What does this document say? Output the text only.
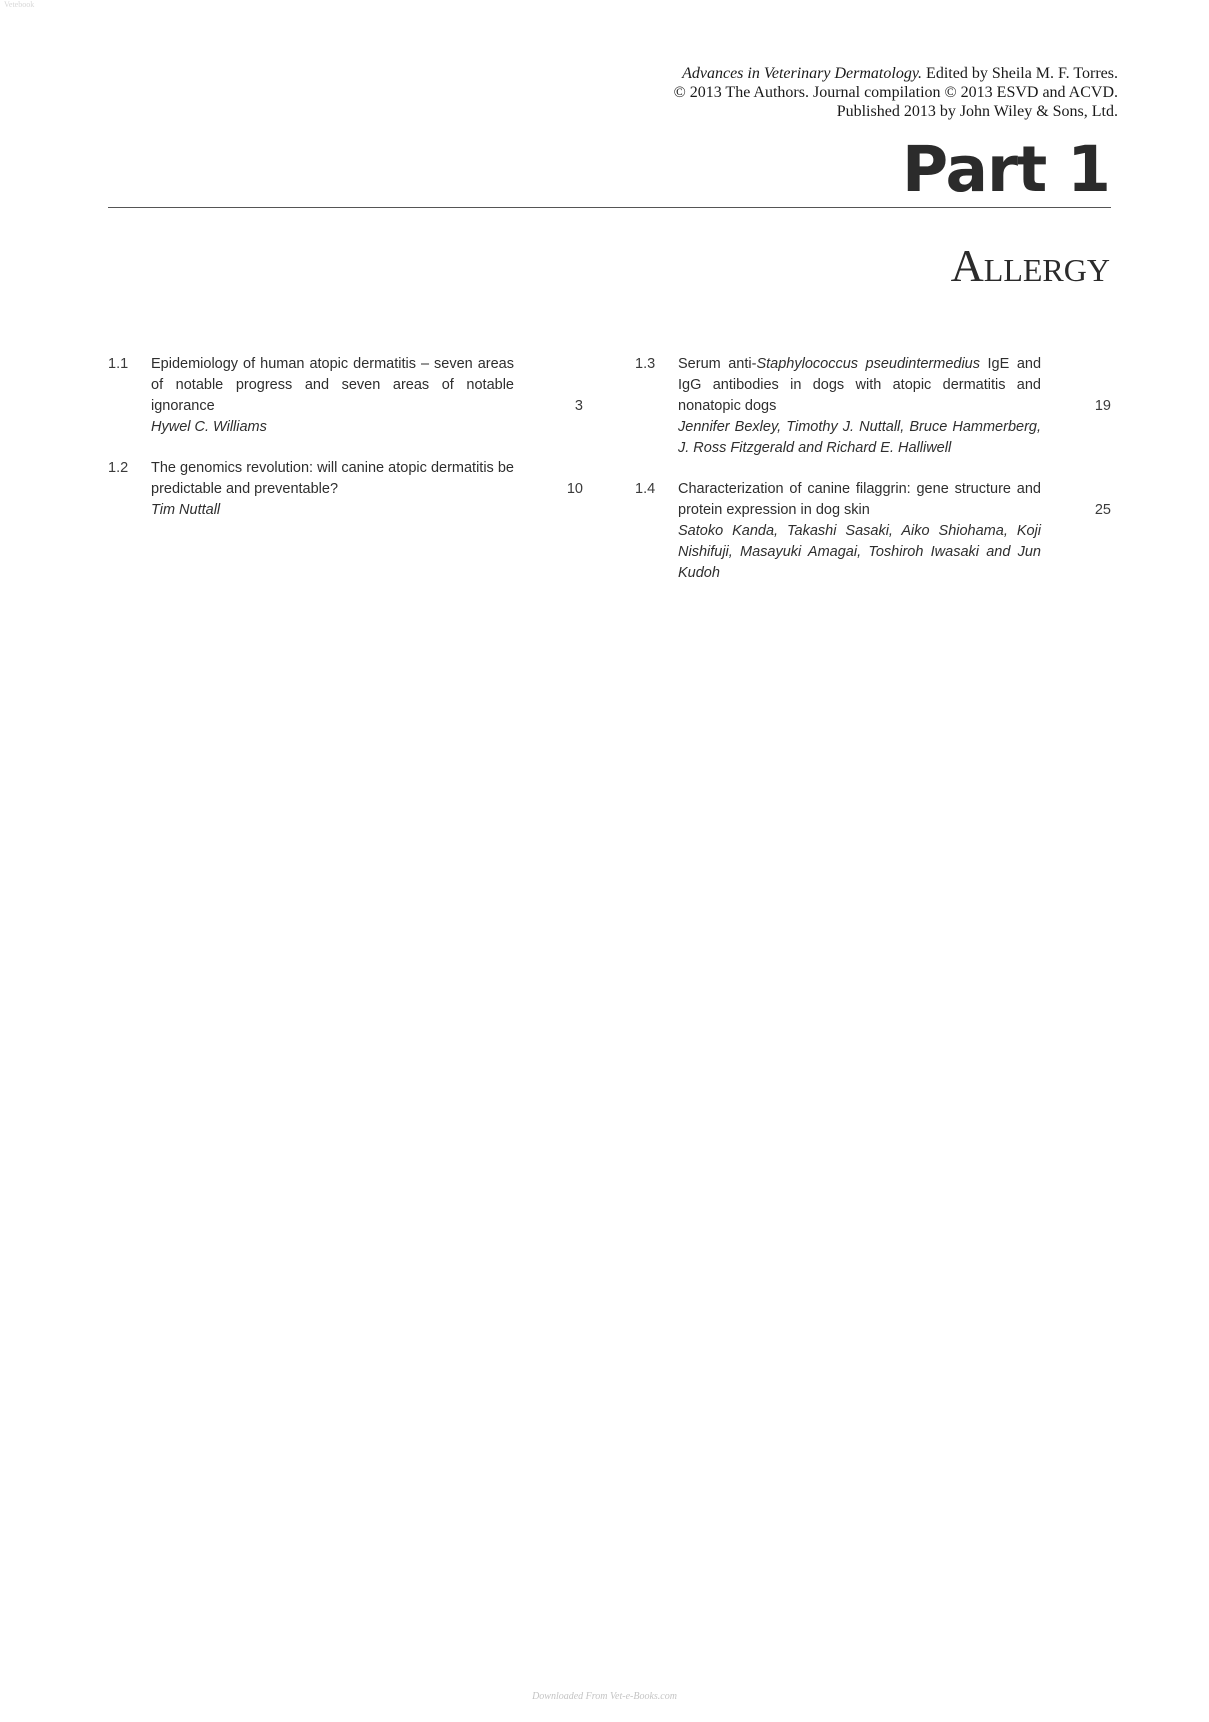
Vetebook
Advances in Veterinary Dermatology. Edited by Sheila M. F. Torres.
© 2013 The Authors. Journal compilation © 2013 ESVD and ACVD.
Published 2013 by John Wiley & Sons, Ltd.
Part 1
Allergy
1.1 Epidemiology of human atopic dermatitis – seven areas of notable progress and seven areas of notable ignorance
Hywel C. Williams
3
1.2 The genomics revolution: will canine atopic dermatitis be predictable and preventable?
Tim Nuttall
10
1.3 Serum anti-Staphylococcus pseudintermedius IgE and IgG antibodies in dogs with atopic dermatitis and nonatopic dogs
Jennifer Bexley, Timothy J. Nuttall, Bruce Hammerberg, J. Ross Fitzgerald and Richard E. Halliwell
19
1.4 Characterization of canine filaggrin: gene structure and protein expression in dog skin
Satoko Kanda, Takashi Sasaki, Aiko Shiohama, Koji Nishifuji, Masayuki Amagai, Toshiroh Iwasaki and Jun Kudoh
25
Downloaded From Vet-e-Books.com
